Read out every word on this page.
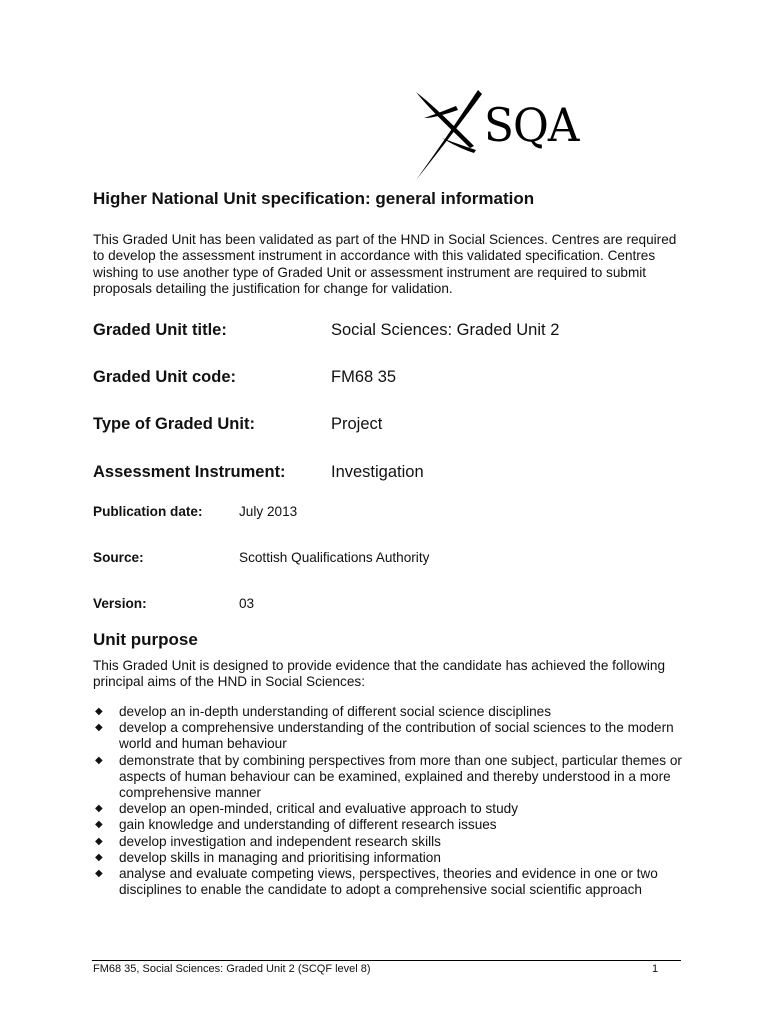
SQA
Higher National Unit specification: general information
This Graded Unit has been validated as part of the HND in Social Sciences. Centres are required to develop the assessment instrument in accordance with this validated specification. Centres wishing to use another type of Graded Unit or assessment instrument are required to submit proposals detailing the justification for change for validation.
Graded Unit title:	Social Sciences: Graded Unit 2
Graded Unit code:	FM68 35
Type of Graded Unit:	Project
Assessment Instrument:	Investigation
Publication date:	July 2013
Source:	Scottish Qualifications Authority
Version:	03
Unit purpose
This Graded Unit is designed to provide evidence that the candidate has achieved the following principal aims of the HND in Social Sciences:
◆ develop an in-depth understanding of different social science disciplines
◆ develop a comprehensive understanding of the contribution of social sciences to the modern world and human behaviour
◆ demonstrate that by combining perspectives from more than one subject, particular themes or aspects of human behaviour can be examined, explained and thereby understood in a more comprehensive manner
◆ develop an open-minded, critical and evaluative approach to study
◆ gain knowledge and understanding of different research issues
◆ develop investigation and independent research skills
◆ develop skills in managing and prioritising information
◆ analyse and evaluate competing views, perspectives, theories and evidence in one or two disciplines to enable the candidate to adopt a comprehensive social scientific approach
FM68 35, Social Sciences: Graded Unit 2 (SCQF level 8)	1
